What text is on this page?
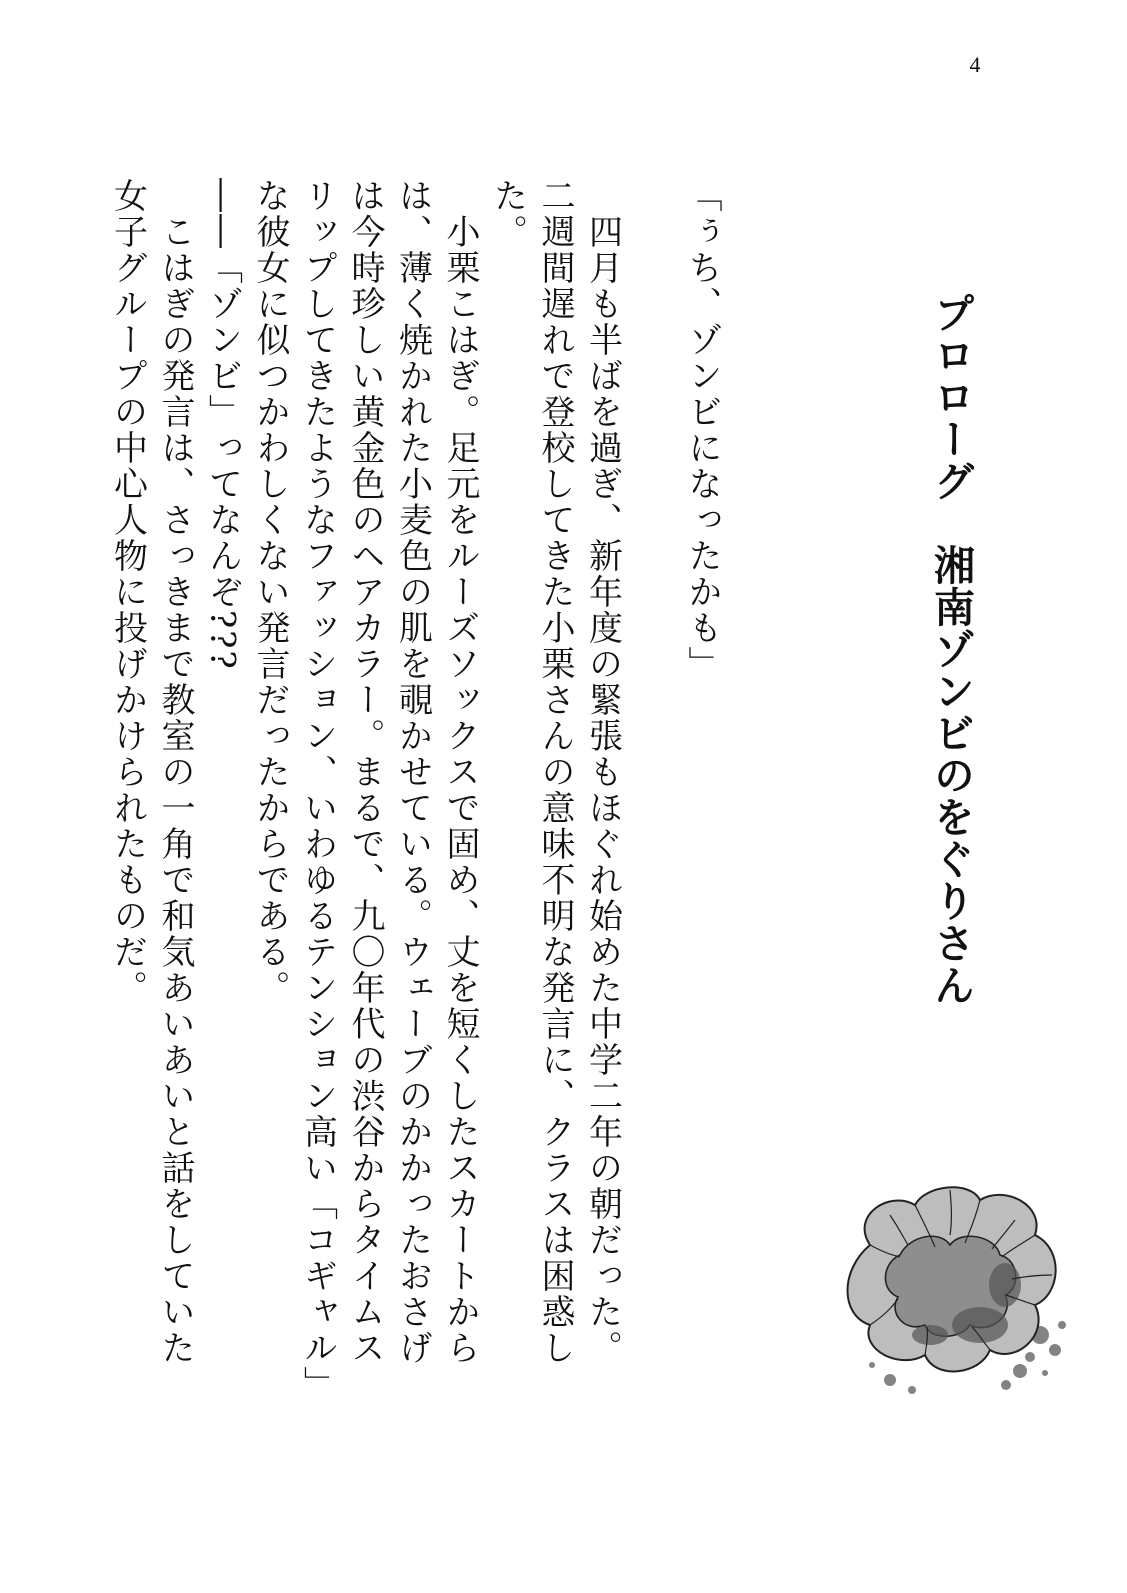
4
プロローグ　湘南ゾンビのをぐりさん

「ぅち、ゾンビになったかも」

　四月も半ばを過ぎ、新年度の緊張もほぐれ始めた中学二年の朝だった。二週間遅れで登校してきた小栗さんの意味不明な発言に、クラスは困惑した。

　小栗こはぎ。足元をルーズソックスで固め、丈を短くしたスカートからは、薄く焼かれた小麦色の肌を覗かせている。ウェーブのかかったおさげは今時珍しい黄金色のヘアカラー。まるで、九〇年代の渋谷からタイムスリップしてきたようなファッション、いわゆるテンション高い「コギャル」な彼女に似つかわしくない発言だったからである。

――「ゾンビ」ってなんぞ???

　こはぎの発言は、さっきまで教室の一角で和気あいあいと話をしていた女子グループの中心人物に投げかけられたものだ。
